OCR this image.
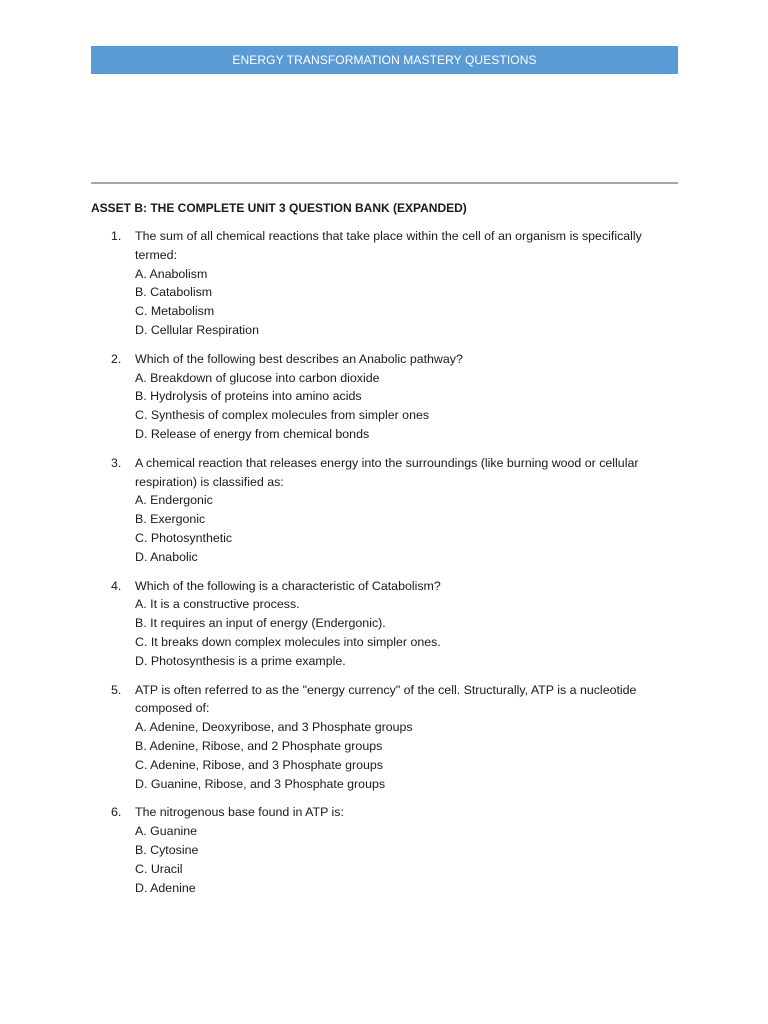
ENERGY TRANSFORMATION MASTERY QUESTIONS
ASSET B: THE COMPLETE UNIT 3 QUESTION BANK (EXPANDED)
1. The sum of all chemical reactions that take place within the cell of an organism is specifically termed:
A. Anabolism
B. Catabolism
C. Metabolism
D. Cellular Respiration
2. Which of the following best describes an Anabolic pathway?
A. Breakdown of glucose into carbon dioxide
B. Hydrolysis of proteins into amino acids
C. Synthesis of complex molecules from simpler ones
D. Release of energy from chemical bonds
3. A chemical reaction that releases energy into the surroundings (like burning wood or cellular respiration) is classified as:
A. Endergonic
B. Exergonic
C. Photosynthetic
D. Anabolic
4. Which of the following is a characteristic of Catabolism?
A. It is a constructive process.
B. It requires an input of energy (Endergonic).
C. It breaks down complex molecules into simpler ones.
D. Photosynthesis is a prime example.
5. ATP is often referred to as the "energy currency" of the cell. Structurally, ATP is a nucleotide composed of:
A. Adenine, Deoxyribose, and 3 Phosphate groups
B. Adenine, Ribose, and 2 Phosphate groups
C. Adenine, Ribose, and 3 Phosphate groups
D. Guanine, Ribose, and 3 Phosphate groups
6. The nitrogenous base found in ATP is:
A. Guanine
B. Cytosine
C. Uracil
D. Adenine
